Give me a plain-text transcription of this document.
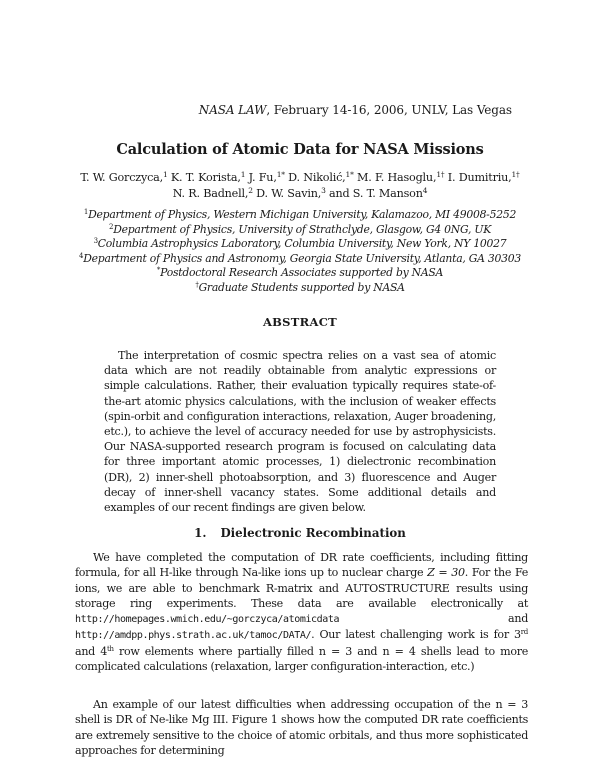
NASA LAW, February 14-16, 2006, UNLV, Las Vegas
Calculation of Atomic Data for NASA Missions
T. W. Gorczyca,$^1$ K. T. Korista,$^1$ J. Fu,$^{1*}$ D. Nikolić,$^{1*}$ M. F. Hasoglu,$^{1\dagger}$ I. Dumitriu,$^{1\dagger}$
N. R. Badnell,$^2$ D. W. Savin,$^3$ and S. T. Manson$^4$
$^1$Department of Physics, Western Michigan University, Kalamazoo, MI 49008-5252
$^2$Department of Physics, University of Strathclyde, Glasgow, G4 0NG, UK
$^3$Columbia Astrophysics Laboratory, Columbia University, New York, NY 10027
$^4$Department of Physics and Astronomy, Georgia State University, Atlanta, GA 30303
*Postdoctoral Research Associates supported by NASA
†Graduate Students supported by NASA
ABSTRACT

The interpretation of cosmic spectra relies on a vast sea of atomic data which are not readily obtainable from analytic expressions or simple calculations. Rather, their evaluation typically requires state-of-the-art atomic physics calculations, with the inclusion of weaker effects (spin-orbit and configuration interactions, relaxation, Auger broadening, etc.), to achieve the level of accuracy needed for use by astrophysicists. Our NASA-supported research program is focused on calculating data for three important atomic processes, 1) dielectronic recombination (DR), 2) inner-shell photoabsorption, and 3) fluorescence and Auger decay of inner-shell vacancy states. Some additional details and examples of our recent findings are given below.

1. Dielectronic Recombination

We have completed the computation of DR rate coefficients, including fitting formula, for all H-like through Na-like ions up to nuclear charge Z = 30. For the Fe ions, we are able to benchmark R-matrix and AUTOSTRUCTURE results using storage ring experiments. These data are available electronically at http://homepages.wmich.edu/~gorczyca/atomicdata and http://amdpp.phys.strath.ac.uk/tamoc/DATA/. Our latest challenging work is for 3rd and 4th row elements where partially filled n = 3 and n = 4 shells lead to more complicated calculations (relaxation, larger configuration-interaction, etc.)

An example of our latest difficulties when addressing occupation of the n = 3 shell is DR of Ne-like Mg III. Figure 1 shows how the computed DR rate coefficients are extremely sensitive to the choice of atomic orbitals, and thus more sophisticated approaches for determining
